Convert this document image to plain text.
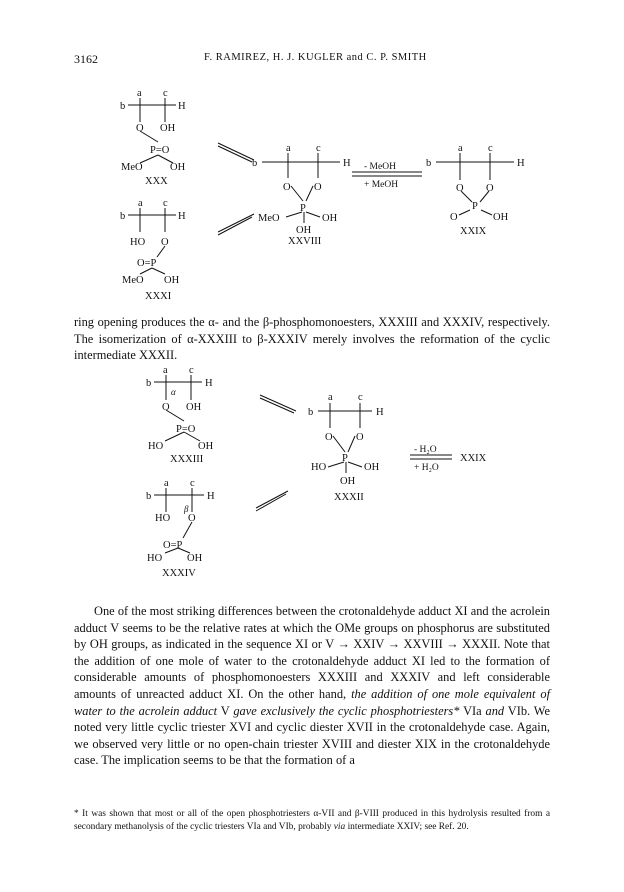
3162	F. RAMIREZ, H. J. KUGLER and C. P. SMITH
a c
b	H
O OH
P=O
MeO	OH
XXX
a c
b	H
HO O
O=P
MeO OH
XXXI
a c
b	H
O O
P
MeO	OH
OH
XXVIII
- MeOH
+ MeOH
a c
b	H
O O
P
O	OH
XXIX

ring opening produces the α- and the β-phosphomonoesters, XXXIII and XXXIV, respectively. The isomerization of α-XXXIII to β-XXXIV merely involves the reformation of the cyclic intermediate XXXII.

a c
b	H
α
O OH
P=O
HO	OH
XXXIII
a c
b	H
β
HO O
O=P
HO OH
XXXIV
a c
b	H
O O
P
HO	OH
OH
XXXII
- H₂O
+ H₂O
XXIX

One of the most striking differences between the crotonaldehyde adduct XI and the acrolein adduct V seems to be the relative rates at which the OMe groups on phosphorus are substituted by OH groups, as indicated in the sequence XI or V → XXIV → XXVIII → XXXII. Note that the addition of one mole of water to the crotonaldehyde adduct XI led to the formation of considerable amounts of phosphomonoesters XXXIII and XXXIV and left considerable amounts of unreacted adduct XI. On the other hand, the addition of one mole equivalent of water to the acrolein adduct V gave exclusively the cyclic phosphotriesters* VIa and VIb. We noted very little cyclic triester XVI and cyclic diester XVII in the crotonaldehyde case. Again, we observed very little or no open-chain triester XVIII and diester XIX in the crotonaldehyde case. The implication seems to be that the formation of a

* It was shown that most or all of the open phosphotriesters α-VII and β-VIII produced in this hydrolysis resulted from a secondary methanolysis of the cyclic triesters VIa and VIb, probably via intermediate XXIV; see Ref. 20.
